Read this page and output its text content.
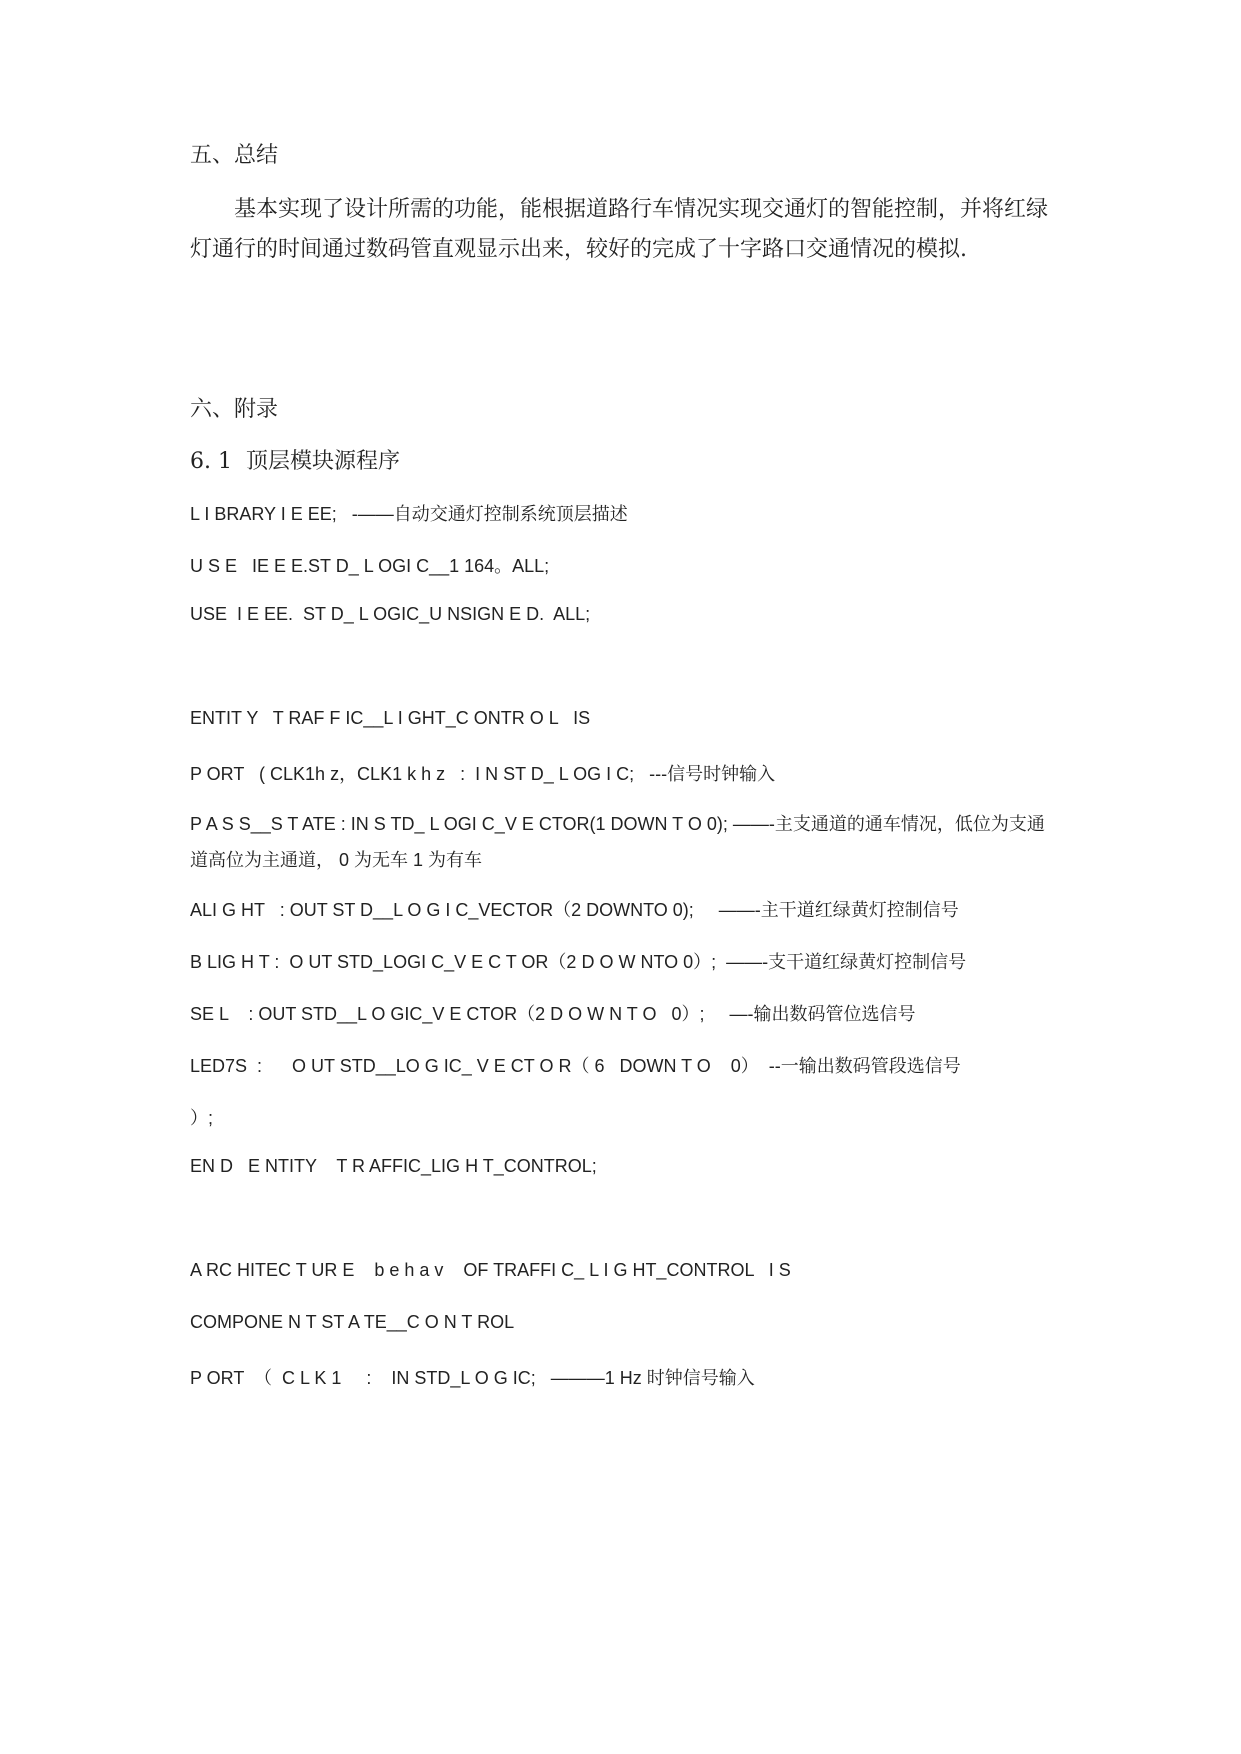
五、总结

基本实现了设计所需的功能，能根据道路行车情况实现交通灯的智能控制，并将红绿灯通行的时间通过数码管直观显示出来，较好的完成了十字路口交通情况的模拟.

六、附录

6. 1  顶层模块源程序

L I BRARY I E EE;   -——自动交通灯控制系统顶层描述

U S E   IE E E.ST D_ L OGI C__1 164。ALL;

USE  I E EE.  ST D_ L OGIC_U NSIGN E D.  ALL;

ENTIT Y   T RAF F IC__L I GHT_C ONTR O L   IS

P ORT   ( CLK1h z，CLK1 k h z   :  I N ST D_ L OG I C;   ---信号时钟输入

P A S S__S T ATE : IN S TD_ L OGI C_V E CTOR(1 DOWN T O 0); ——-主支通道的通车情况，低位为支通道高位为主通道， 0 为无车 1 为有车

ALI G HT   : OUT ST D__L O G I C_VECTOR（2 DOWNTO 0);     ——-主干道红绿黄灯控制信号

B LIG H T :  O UT STD_LOGI C_V E C T OR（2 D O W NTO 0）;  ——-支干道红绿黄灯控制信号

SE L    : OUT STD__L O GIC_V E CTOR（2 D O W N T O   0）;     —-输出数码管位选信号

LED7S  :      O UT STD__LO G IC_ V E CT O R（ 6   DOWN T O    0）  --一输出数码管段选信号

）;

EN D   E NTITY    T R AFFIC_LIG H T_CONTROL;

A RC HITEC T UR E    b e h a v    OF TRAFFI C_ L I G HT_CONTROL   I S

COMPONE N T ST A TE__C O N T ROL

P ORT  （  C L K 1     :    IN STD_L O G IC;   ———1 Hz 时钟信号输入
